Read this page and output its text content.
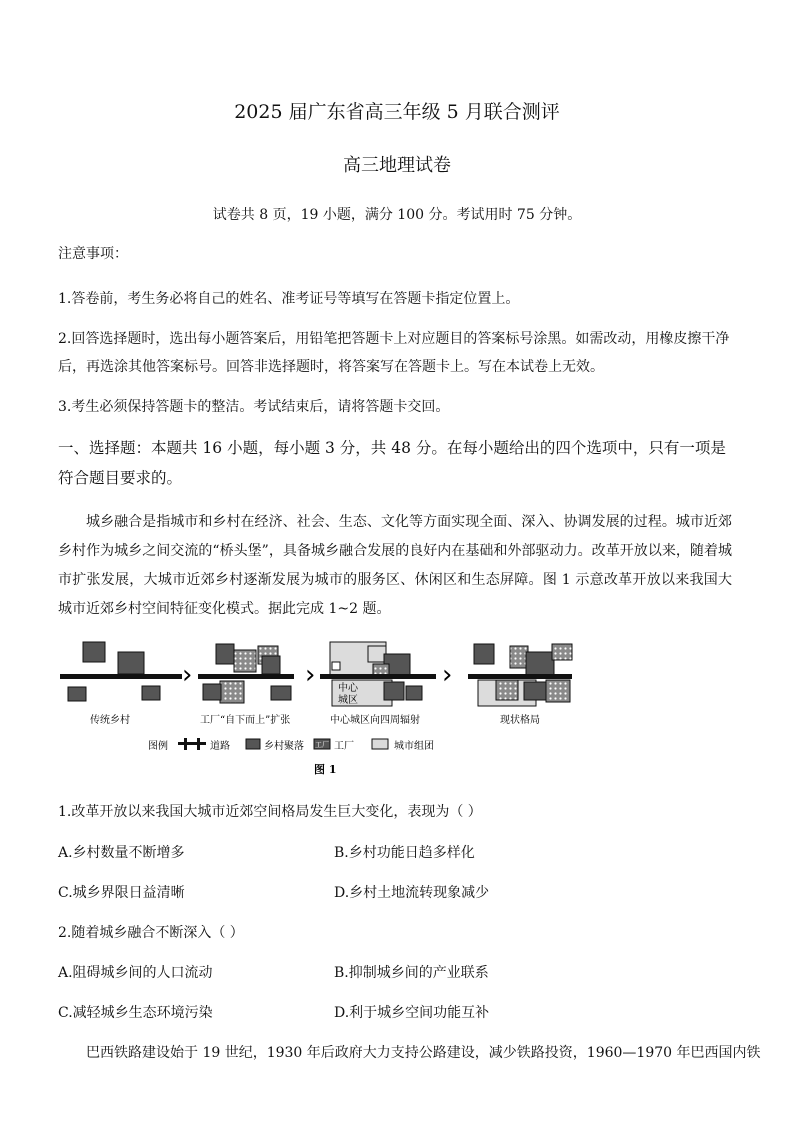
2025 届广东省高三年级 5 月联合测评
高三地理试卷
试卷共 8 页，19 小题，满分 100 分。考试用时 75 分钟。
注意事项：
1.答卷前，考生务必将自己的姓名、准考证号等填写在答题卡指定位置上。
2.回答选择题时，选出每小题答案后，用铅笔把答题卡上对应题目的答案标号涂黑。如需改动，用橡皮擦干净
后，再选涂其他答案标号。回答非选择题时，将答案写在答题卡上。写在本试卷上无效。
3.考生必须保持答题卡的整洁。考试结束后，请将答题卡交回。
一、选择题：本题共 16 小题，每小题 3 分，共 48 分。在每小题给出的四个选项中，只有一项是
符合题目要求的。
城乡融合是指城市和乡村在经济、社会、生态、文化等方面实现全面、深入、协调发展的过程。城市近郊乡村作为城乡之间交流的“桥头堡”，具备城乡融合发展的良好内在基础和外部驱动力。改革开放以来，随着城市扩张发展，大城市近郊乡村逐渐发展为城市的服务区、休闲区和生态屏障。图 1 示意改革开放以来我国大城市近郊乡村空间特征变化模式。据此完成 1~2 题。
›	› 中心
城区
›
传统乡村	工厂“自下而上”扩张	中心城区向四周辐射	现状格局
图例	道路	乡村聚落 工厂 工厂	城市组团
图 1
1.改革开放以来我国大城市近郊空间格局发生巨大变化，表现为（ ）
A.乡村数量不断增多	B.乡村功能日趋多样化
C.城乡界限日益清晰	D.乡村土地流转现象减少
2.随着城乡融合不断深入（ ）
A.阻碍城乡间的人口流动	B.抑制城乡间的产业联系
C.减轻城乡生态环境污染	D.利于城乡空间功能互补
巴西铁路建设始于 19 世纪，1930 年后政府大力支持公路建设，减少铁路投资，1960—1970 年巴西国内铁
